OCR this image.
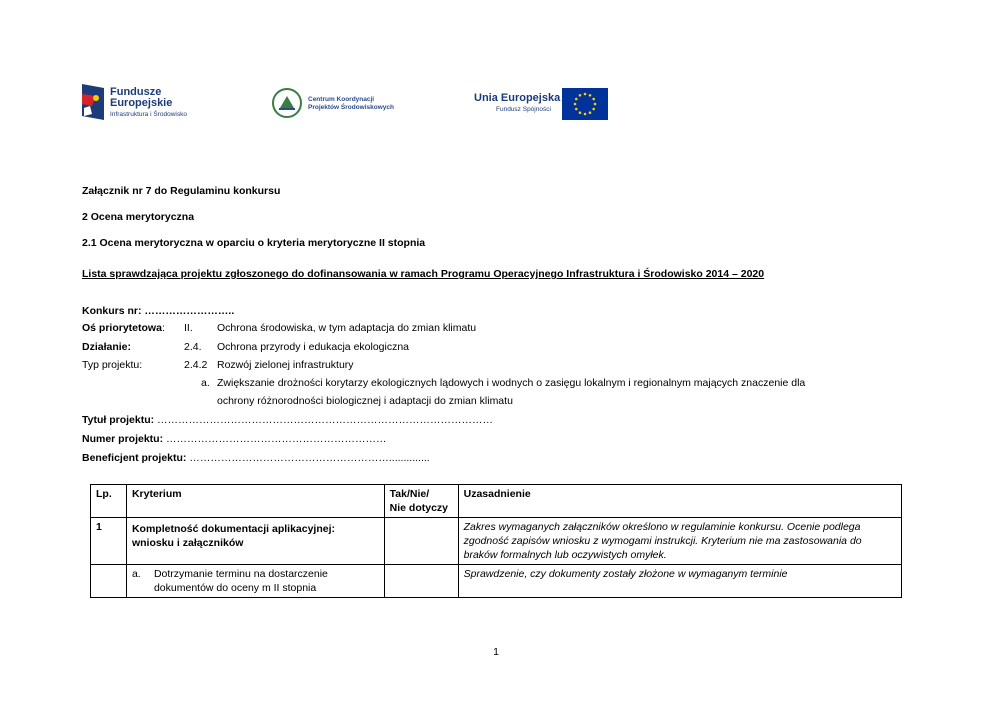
Fundusze
Europejskie
Infrastruktura i Środowisko
Centrum Koordynacji
Projektów Środowiskowych
Unia Europejska
Fundusz Spójności
Załącznik nr 7 do Regulaminu konkursu
2 Ocena merytoryczna
2.1 Ocena merytoryczna w oparciu o kryteria merytoryczne II stopnia
Lista sprawdzająca projektu zgłoszonego do dofinansowania w ramach Programu Operacyjnego Infrastruktura i Środowisko 2014 – 2020
Konkurs nr: ……………………..
Oś priorytetowa: II. Ochrona środowiska, w tym adaptacja do zmian klimatu
Działanie:	2.4. Ochrona przyrody i edukacja ekologiczna
Typ projektu:	2.4.2 Rozwój zielonej infrastruktury
a. Zwiększanie drożności korytarzy ekologicznych lądowych i wodnych o zasięgu lokalnym i regionalnym mających znaczenie dla
ochrony różnorodności biologicznej i adaptacji do zmian klimatu
Tytuł projektu: ……………………………………………………………………………………
Numer projektu: ………………………………………………………
Beneficjent projektu: …………………………………………………..............
Lp.	Kryterium	Tak/Nie/
Nie dotyczy	Uzasadnienie
1	Kompletność dokumentacji aplikacyjnej:
wniosku i załączników		Zakres wymaganych załączników określono w regulaminie konkursu. Ocenie podlega zgodność zapisów wniosku z wymogami instrukcji. Kryterium nie ma zastosowania do braków formalnych lub oczywistych omyłek.

	a. Dotrzymanie terminu na dostarczenie
dokumentów do oceny m II stopnia		Sprawdzenie, czy dokumenty zostały złożone w wymaganym terminie
1
